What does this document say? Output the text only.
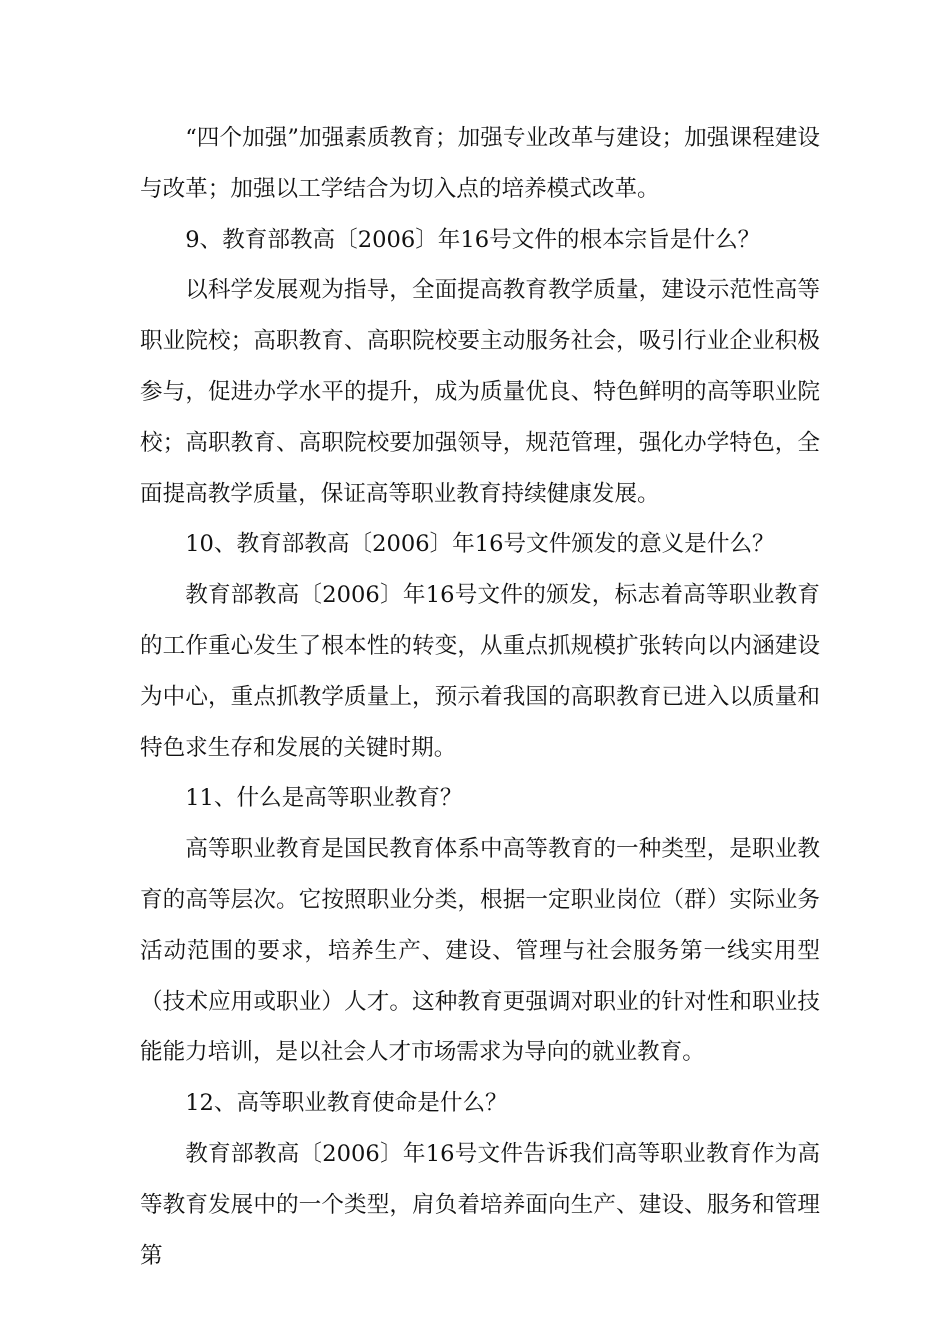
“四个加强”加强素质教育；加强专业改革与建设；加强课程建设与改革；加强以工学结合为切入点的培养模式改革。

9、教育部教高〔2006〕年16号文件的根本宗旨是什么？

以科学发展观为指导，全面提高教育教学质量，建设示范性高等职业院校；高职教育、高职院校要主动服务社会，吸引行业企业积极参与，促进办学水平的提升，成为质量优良、特色鲜明的高等职业院校；高职教育、高职院校要加强领导，规范管理，强化办学特色，全面提高教学质量，保证高等职业教育持续健康发展。

10、教育部教高〔2006〕年16号文件颁发的意义是什么？

教育部教高〔2006〕年16号文件的颁发，标志着高等职业教育的工作重心发生了根本性的转变，从重点抓规模扩张转向以内涵建设为中心，重点抓教学质量上，预示着我国的高职教育已进入以质量和特色求生存和发展的关键时期。

11、什么是高等职业教育？

高等职业教育是国民教育体系中高等教育的一种类型，是职业教育的高等层次。它按照职业分类，根据一定职业岗位（群）实际业务活动范围的要求，培养生产、建设、管理与社会服务第一线实用型（技术应用或职业）人才。这种教育更强调对职业的针对性和职业技能能力培训，是以社会人才市场需求为导向的就业教育。

12、高等职业教育使命是什么？

教育部教高〔2006〕年16号文件告诉我们高等职业教育作为高等教育发展中的一个类型，肩负着培养面向生产、建设、服务和管理第
